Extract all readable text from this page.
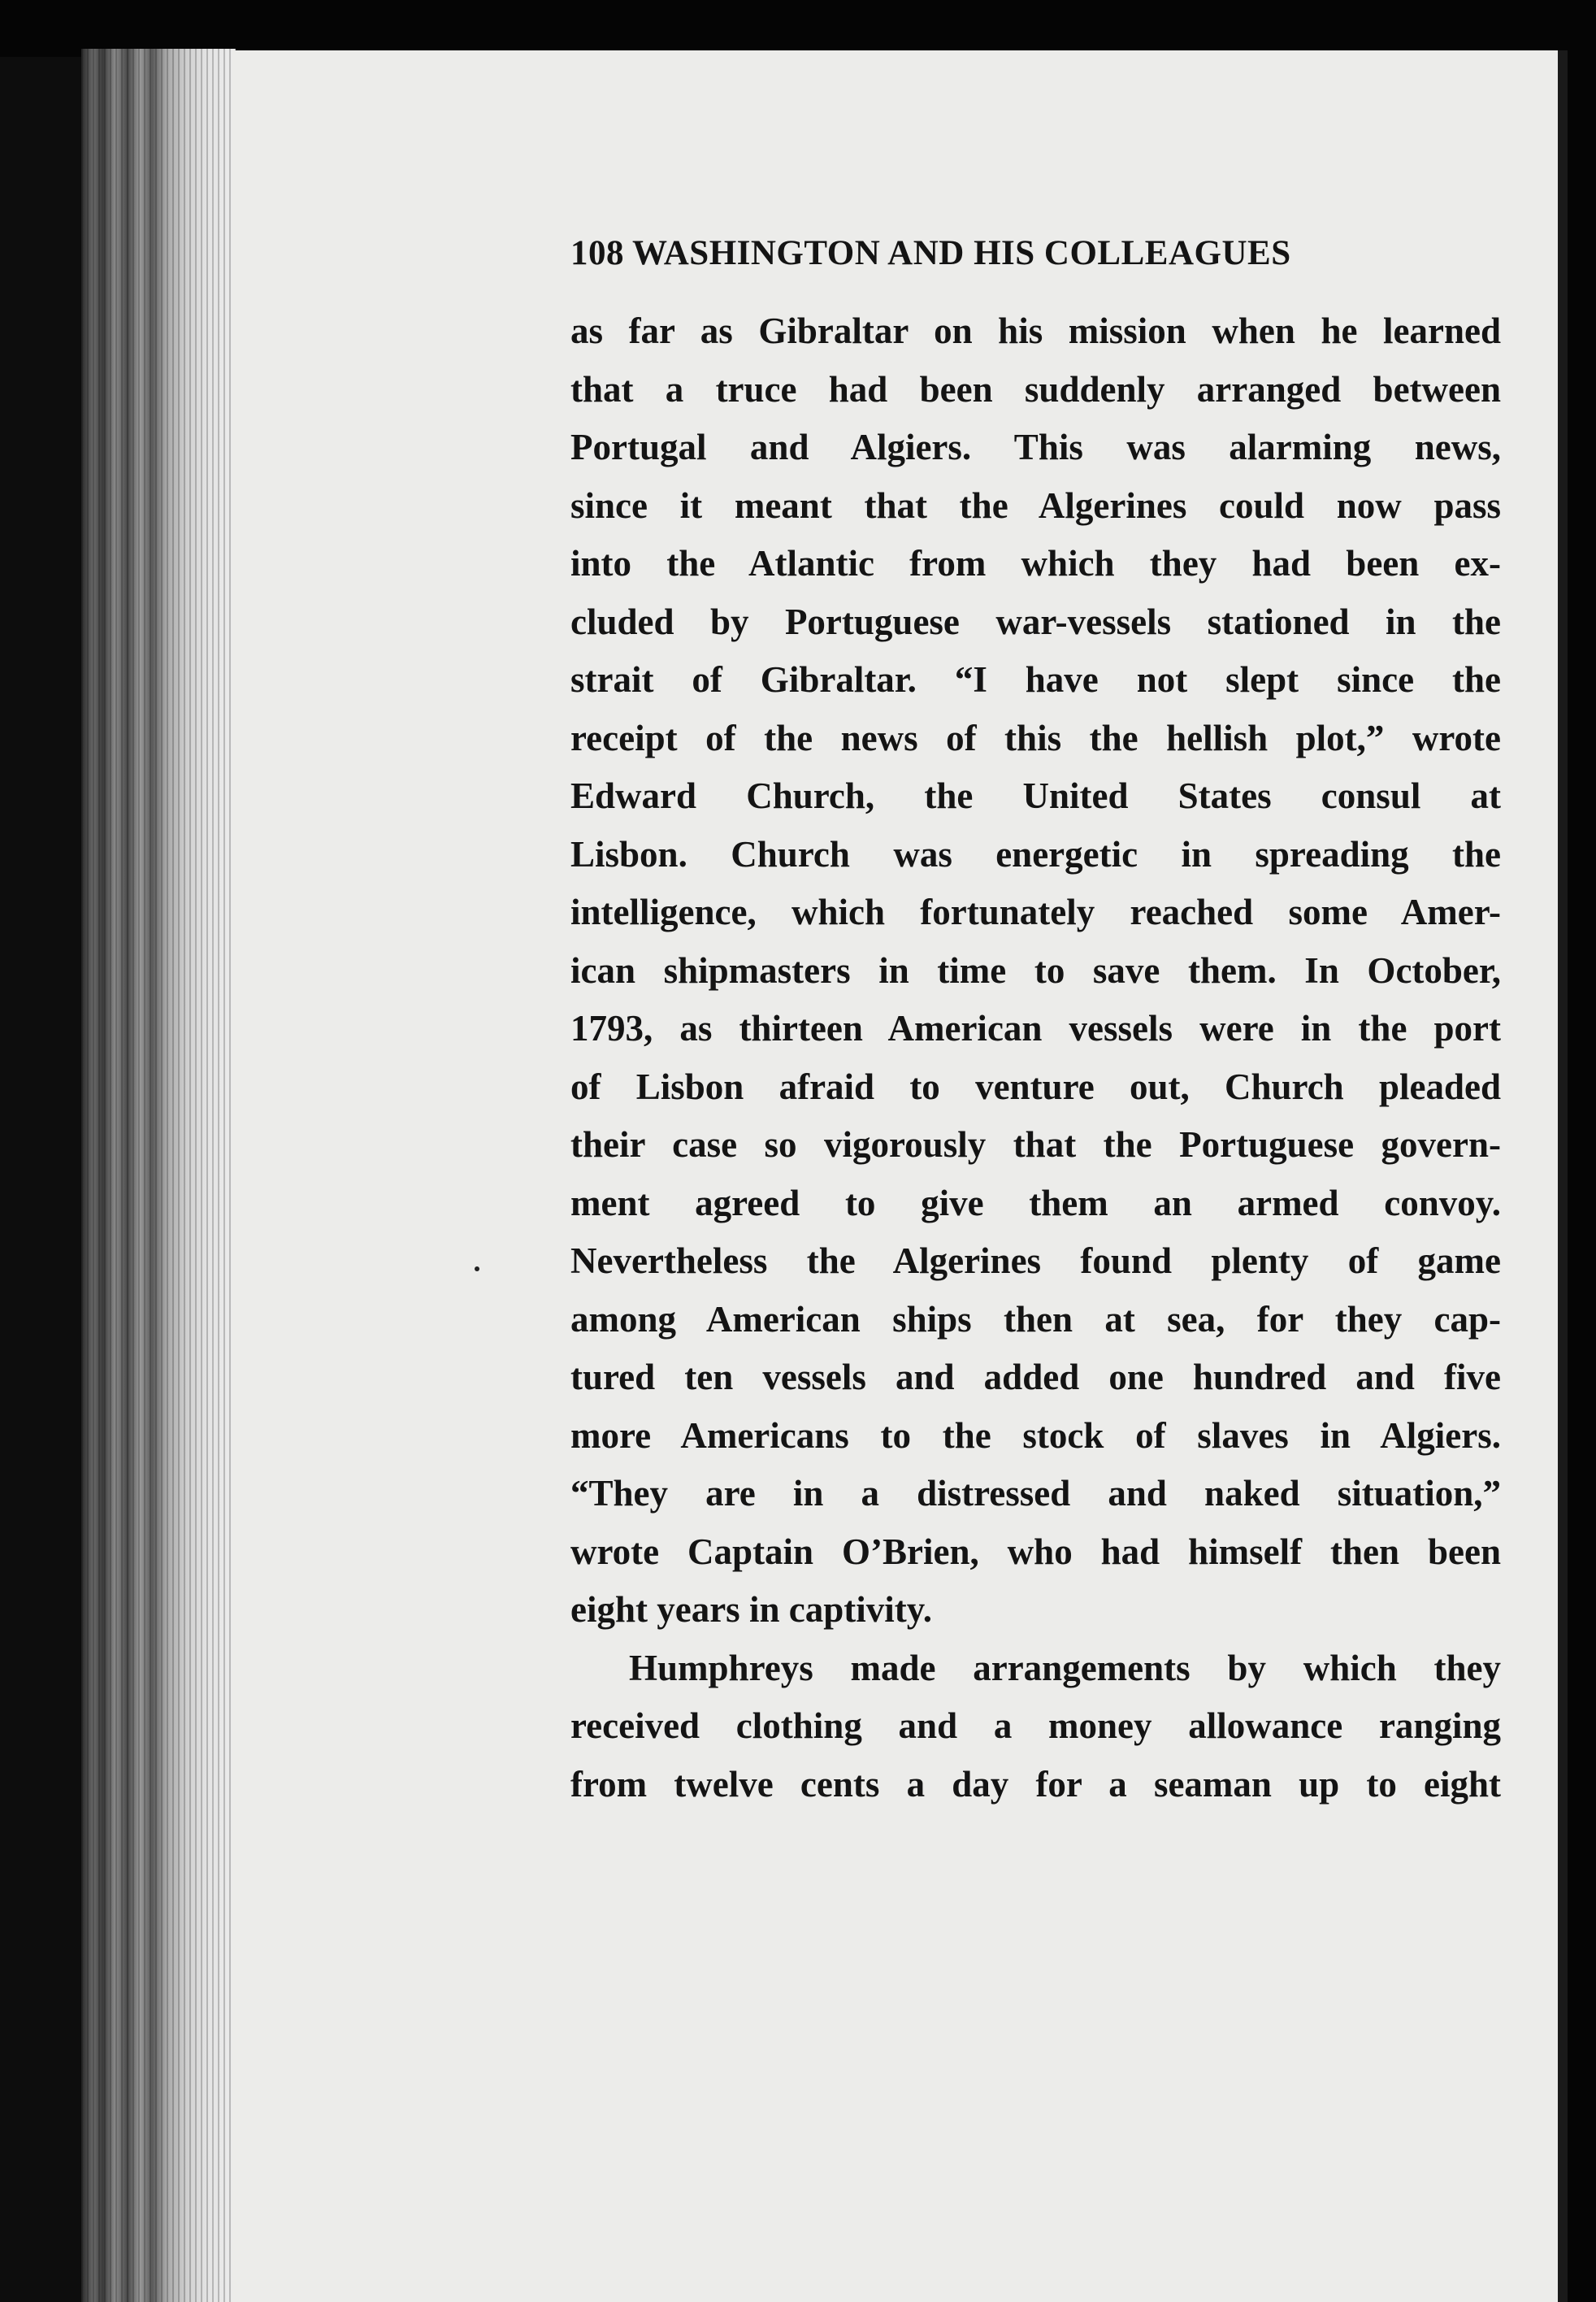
108 WASHINGTON AND HIS COLLEAGUES
as far as Gibraltar on his mission when he learned
that a truce had been suddenly arranged between
Portugal and Algiers. This was alarming news,
since it meant that the Algerines could now pass
into the Atlantic from which they had been ex-
cluded by Portuguese war-vessels stationed in the
strait of Gibraltar. “I have not slept since the
receipt of the news of this the hellish plot,” wrote
Edward Church, the United States consul at
Lisbon. Church was energetic in spreading the
intelligence, which fortunately reached some Amer-
ican shipmasters in time to save them. In October,
1793, as thirteen American vessels were in the port
of Lisbon afraid to venture out, Church pleaded
their case so vigorously that the Portuguese govern-
ment agreed to give them an armed convoy.
Nevertheless the Algerines found plenty of game
among American ships then at sea, for they cap-
tured ten vessels and added one hundred and five
more Americans to the stock of slaves in Algiers.
“They are in a distressed and naked situation,”
wrote Captain O’Brien, who had himself then been
eight years in captivity.
Humphreys made arrangements by which they
received clothing and a money allowance ranging
from twelve cents a day for a seaman up to eight
